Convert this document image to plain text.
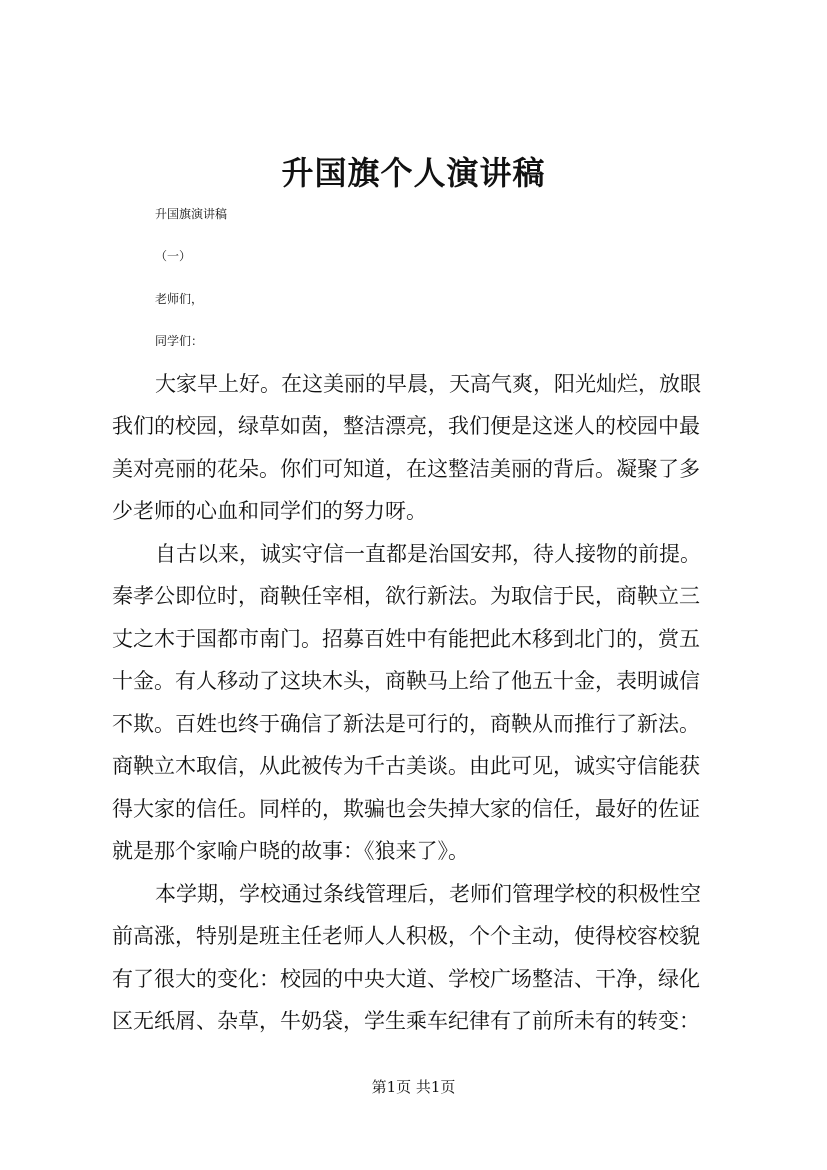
升国旗个人演讲稿
升国旗演讲稿
（一）
老师们，
同学们：
大家早上好。在这美丽的早晨，天高气爽，阳光灿烂，放眼
我们的校园，绿草如茵，整洁漂亮，我们便是这迷人的校园中最
美对亮丽的花朵。你们可知道，在这整洁美丽的背后。凝聚了多
少老师的心血和同学们的努力呀。
自古以来，诚实守信一直都是治国安邦，待人接物的前提。
秦孝公即位时，商鞅任宰相，欲行新法。为取信于民，商鞅立三
丈之木于国都市南门。招募百姓中有能把此木移到北门的，赏五
十金。有人移动了这块木头，商鞅马上给了他五十金，表明诚信
不欺。百姓也终于确信了新法是可行的，商鞅从而推行了新法。
商鞅立木取信，从此被传为千古美谈。由此可见，诚实守信能获
得大家的信任。同样的，欺骗也会失掉大家的信任，最好的佐证
就是那个家喻户晓的故事：《狼来了》。
本学期，学校通过条线管理后，老师们管理学校的积极性空
前高涨，特别是班主任老师人人积极，个个主动，使得校容校貌
有了很大的变化：校园的中央大道、学校广场整洁、干净，绿化
区无纸屑、杂草，牛奶袋，学生乘车纪律有了前所未有的转变：
第1页 共1页
